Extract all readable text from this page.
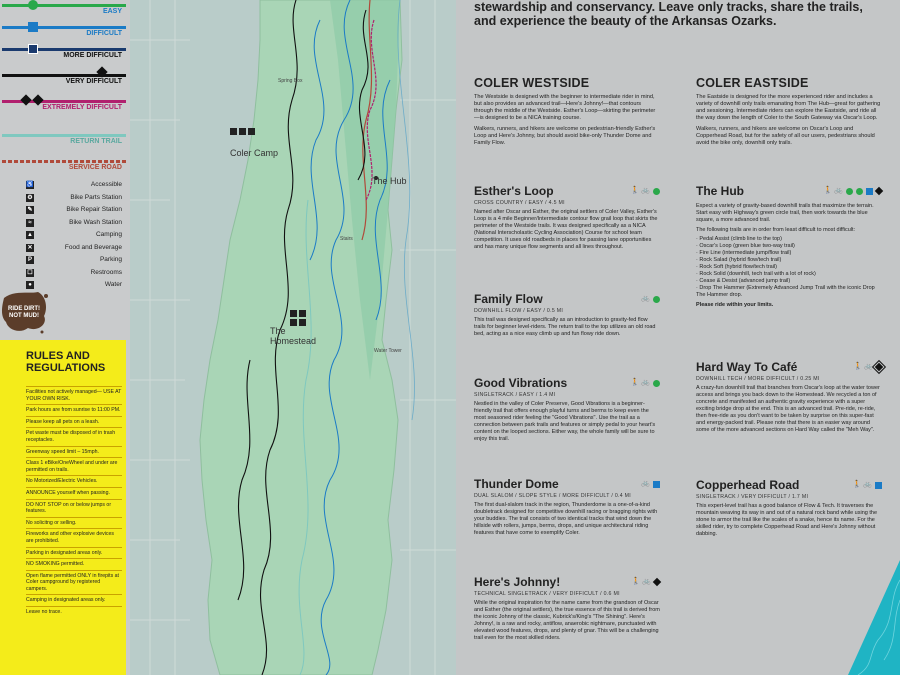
EASY
DIFFICULT
MORE DIFFICULT
VERY DIFFICULT
EXTREMELY DIFFICULT
RETURN TRAIL
SERVICE ROAD
♿	Accessible
⚙	Bike Parts Station
✎	Bike Repair Station
≈	Bike Wash Station
▲	Camping
✕	Food and Beverage
P	Parking
☐	Restrooms
●	Water
RIDE DIRT! NOT MUD!
RULES AND REGULATIONS
Facilities not actively managed— USE AT YOUR OWN RISK.
Park hours are from sunrise to 11:00 PM.
Please keep all pets on a leash.
Pet waste must be disposed of in trash receptacles.
Greenway speed limit – 15mph.
Class 1 eBike/OneWheel and under are permitted on trails.
No Motorized/Electric Vehicles.
ANNOUNCE yourself when passing.
DO NOT STOP on or below jumps or features.
No solicitng or selling.
Fireworks and other explosive devices are prohibited.
Parking in designated areas only.
NO SMOKING permitted.
Open flame permitted ONLY in firepits at Coler campground by registered campers.
Camping in designated areas only.
Leave no trace.
Coler Camp
The Hub
The
Homestead
Stairs
Spring Box
Water Tower
stewardship and conservancy. Leave only tracks, share the trails, and experience the beauty of the Arkansas Ozarks.
COLER WESTSIDE
The Westside is designed with the beginner to intermediate rider in mind, but also provides an advanced trail—Here's Johnny!—that contours through the middle of the Westside. Esther's Loop—skirting the perimeter—is designed to be a NICA training course.
Walkers, runners, and hikers are welcome on pedestrian-friendly Esther's Loop and Here's Johnny, but should avoid bike-only Thunder Dome and Family Flow.
COLER EASTSIDE
The Eastside is designed for the more experienced rider and includes a variety of downhill only trails emanating from The Hub—great for gathering and sessioning. Intermediate riders can explore the Eastside, and ride all the way down the length of Coler to the South Gateway via Oscar's Loop.
Walkers, runners, and hikers are welcome on Oscar's Loop and Copperhead Road, but for the safety of all our users, pedestrians should avoid the bike only, downhill only trails.
Esther's Loop	🚶 🚲
CROSS COUNTRY / EASY / 4.5 MI
Named after Oscar and Esther, the original settlers of Coler Valley, Esther's Loop is a 4 mile Beginner/Intermediate contour flow grail loop that skirts the perimeter of the Westside trails. It was designed specifically as a NICA (National Interscholastic Cycling Association) Course for school team competition. It uses old roadbeds in places for passing lane opportunities and has many unique flow segments and all lines throughout.
Family Flow	🚲
DOWNHILL FLOW / EASY / 0.5 MI
This trail was designed specifically as an introduction to gravity-fed flow trails for beginner level-riders. The return trail to the top utilizes an old road bed, acting as a nice easy climb up and fun flowy ride down.
Good Vibrations	🚶 🚲
SINGLETRACK / EASY / 1.4 MI
Nestled in the valley of Coler Preserve, Good Vibrations is a beginner-friendly trail that offers enough playful turns and berms to keep even the most seasoned rider feeling the "Good Vibrations". Use the trail as a connection between park trails and features or simply pedal to your heart's content on the looped sections. Either way, the whole family will be sure to enjoy this trail.
Thunder Dome	🚲
DUAL SLALOM / SLOPE STYLE / MORE DIFFICULT / 0.4 MI
The first dual-slalom track in the region, Thunderdome is a one-of-a-kind doubletrack designed for competitive downhill racing or bragging rights with your buddies. The trail consists of two identical tracks that wind down the hillside with rollers, jumps, berms, drops, and unique architectural riding features that have come to exemplify Coler.
Here's Johnny!	🚶 🚲
TECHNICAL SINGLETRACK / VERY DIFFICULT / 0.6 MI
While the original inspiration for the name came from the grandson of Oscar and Esther (the original settlers), the true essence of this trail is derived from the iconic Johnny of the classic, Kubrick's/King's "The Shining". Here's Johnny!, is a raw and rocky, antiflow, anaerobic nightmare, punctuated with elevated wood features, drops, and plenty of gnar. This will be a challenging trail even for the most skilled riders.
The Hub	🚶 🚲
Expect a variety of gravity-based downhill trails that maximize the terrain. Start easy with Highway's green circle trail, then work towards the blue square, a more advanced trail.
The following trails are in order from least difficult to most difficult:
· Pedal Assist (climb line to the top)
· Oscar's Loop (green blue two-way trail)
· Fire Line (intermediate jump/flow trail)
· Rock Salad (hybrid flow/tech trail)
· Rock Soft (hybrid flow/tech trail)
· Rock Solid (downhill, tech trail with a lot of rock)
· Cease & Desist (advanced jump trail)
· Drop The Hammer (Extremely Advanced Jump Trail with the iconic Drop The Hammer drop.
Please ride within your limits.
Hard Way To Café	🚶 🚲
DOWNHILL TECH / MORE DIFFICULT / 0.25 MI
A crazy-fun downhill trail that branches from Oscar's loop at the water tower access and brings you back down to the Homestead. We recycled a ton of concrete and manifested an authentic gravity experience with a super exciting bridge drop at the end. This is an advanced trail. Pre-ride, re-ride, then free-ride as you don't want to be taken by surprise on this super-fast and energy-packed trail. Please note that there is an easier way around some of the more advanced sections on Hard Way called the "Meh Way".
Copperhead Road	🚶 🚲
SINGLETRACK / VERY DIFFICULT / 1.7 MI
This expert-level trail has a good balance of Flow & Tech. It traverses the mountain weaving its way in and out of a natural rock band while using the stone to armor the trail like the scales of a snake, hence its name. For the skilled rider, try to complete Copperhead Road and Here's Johnny without dabbing.
